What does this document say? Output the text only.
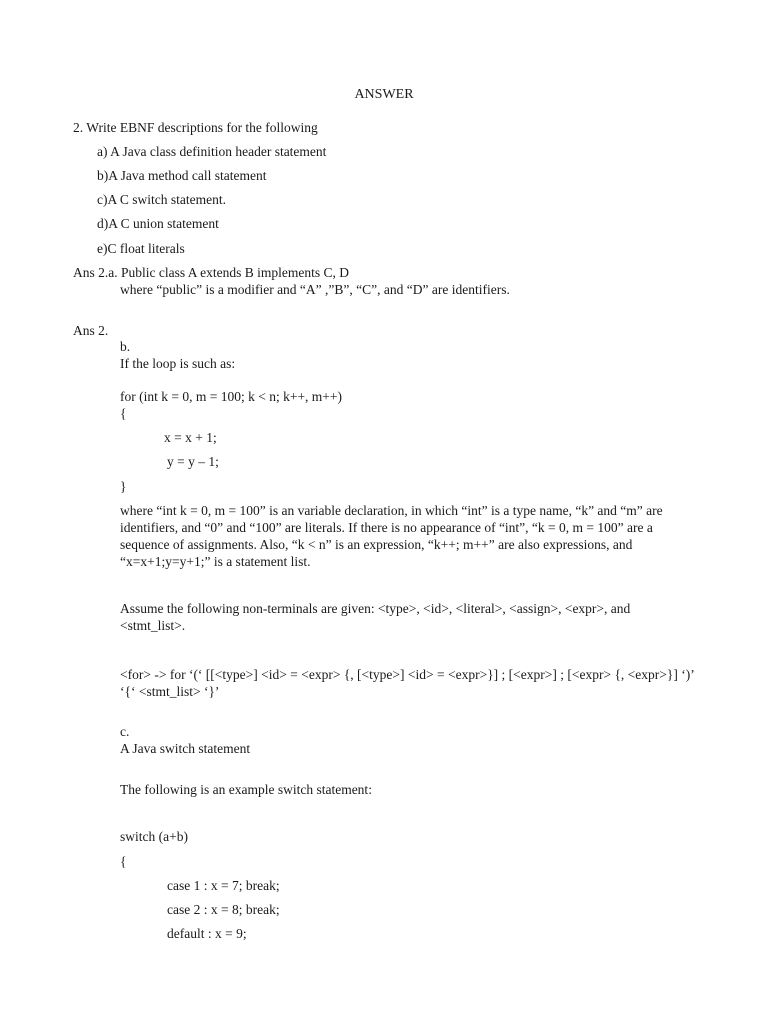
ANSWER
2. Write EBNF descriptions for the following
a) A Java class definition header statement
b)A Java method call statement
c)A C switch statement.
d)A C union statement
e)C float literals
Ans 2.a. Public class A extends B implements C, D
where “public” is a modifier and “A” ,”B”, “C”, and “D” are identifiers.
Ans 2.
b.
If the loop is such as:
for (int k = 0, m = 100; k < n; k++, m++)
{
x = x + 1;
y = y – 1;
}
where “int k = 0, m = 100” is an variable declaration, in which “int” is a type name, “k” and “m” are identifiers, and “0” and “100” are literals. If there is no appearance of “int”, “k = 0, m = 100” are a sequence of assignments. Also, “k < n” is an expression, “k++; m++” are also expressions, and “x=x+1;y=y+1;” is a statement list.
Assume the following non-terminals are given: <type>, <id>, <literal>, <assign>, <expr>, and <stmt_list>.
<for> -> for ‘(‘ [[<type>] <id> = <expr> {, [<type>] <id> = <expr>}] ; [<expr>] ; [<expr> {, <expr>}] ‘)’ ‘{‘ <stmt_list> ‘}’
c.
A Java switch statement
The following is an example switch statement:
switch (a+b)
{
case 1 : x = 7; break;
case 2 : x = 8; break;
default : x = 9;
